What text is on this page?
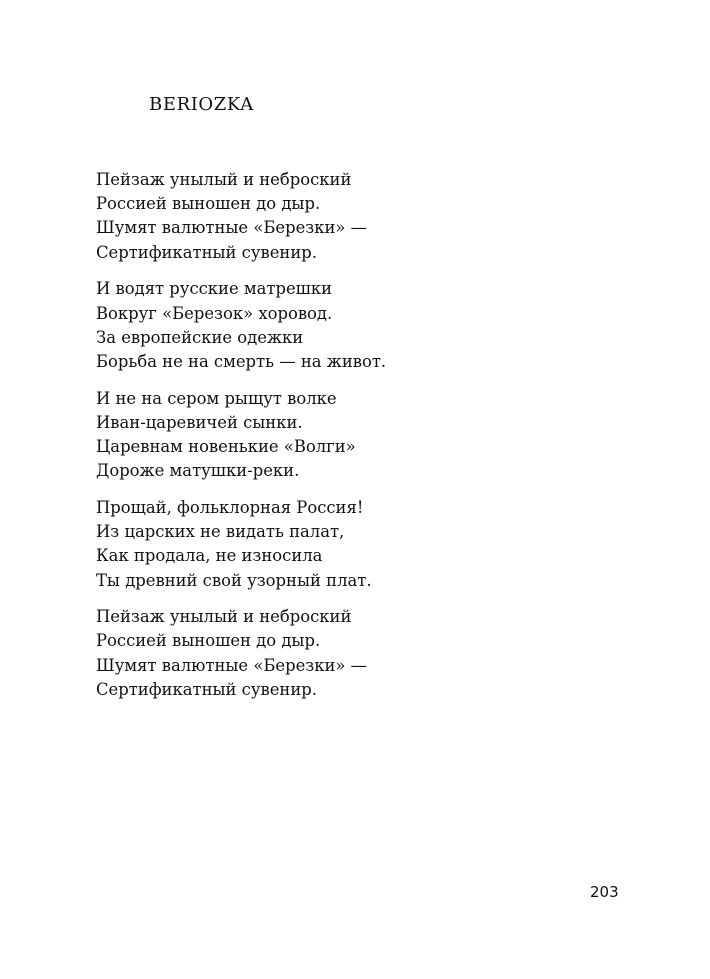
BERIOZKA
Пейзаж унылый и неброский
Россией выношен до дыр.
Шумят валютные «Березки» —
Сертификатный сувенир.
И водят русские матрешки
Вокруг «Березок» хоровод.
За европейские одежки
Борьба не на смерть — на живот.
И не на сером рыщут волке
Иван-царевичей сынки.
Царевнам новенькие «Волги»
Дороже матушки-реки.
Прощай, фольклорная Россия!
Из царских не видать палат,
Как продала, не износила
Ты древний свой узорный плат.
Пейзаж унылый и неброский
Россией выношен до дыр.
Шумят валютные «Березки» —
Сертификатный сувенир.
203
